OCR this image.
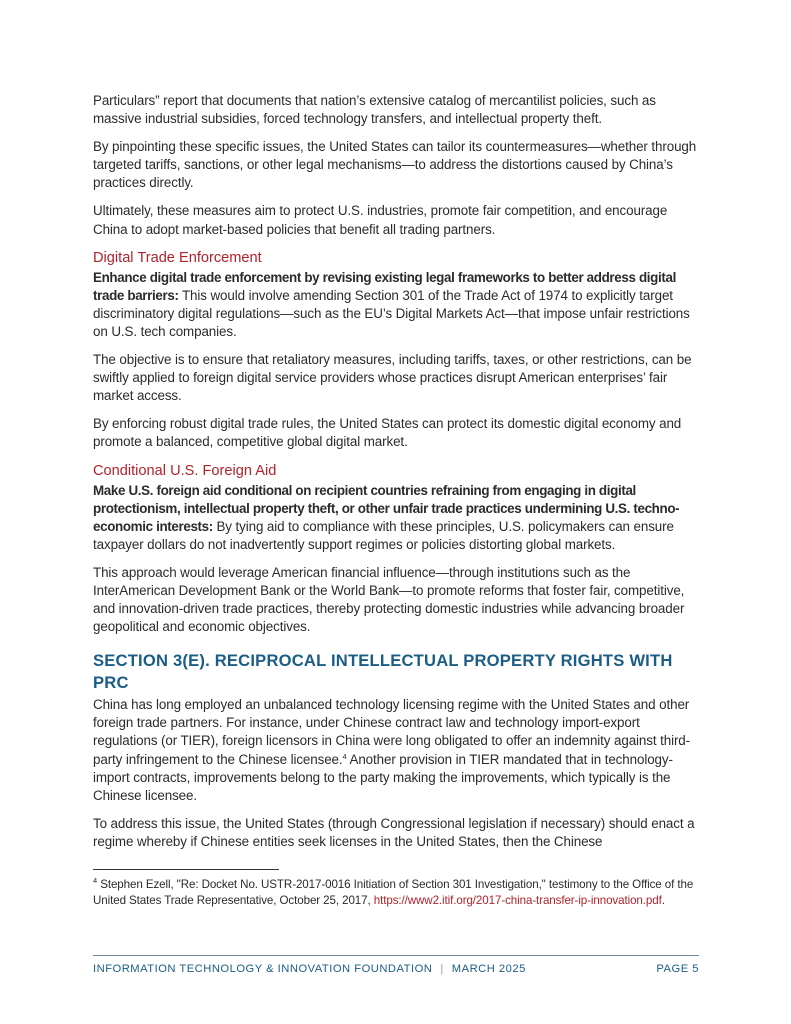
Particulars” report that documents that nation’s extensive catalog of mercantilist policies, such as massive industrial subsidies, forced technology transfers, and intellectual property theft.

By pinpointing these specific issues, the United States can tailor its countermeasures—whether through targeted tariffs, sanctions, or other legal mechanisms—to address the distortions caused by China’s practices directly.

Ultimately, these measures aim to protect U.S. industries, promote fair competition, and encourage China to adopt market-based policies that benefit all trading partners.

Digital Trade Enforcement

Enhance digital trade enforcement by revising existing legal frameworks to better address digital trade barriers: This would involve amending Section 301 of the Trade Act of 1974 to explicitly target discriminatory digital regulations—such as the EU’s Digital Markets Act—that impose unfair restrictions on U.S. tech companies.

The objective is to ensure that retaliatory measures, including tariffs, taxes, or other restrictions, can be swiftly applied to foreign digital service providers whose practices disrupt American enterprises’ fair market access.

By enforcing robust digital trade rules, the United States can protect its domestic digital economy and promote a balanced, competitive global digital market.

Conditional U.S. Foreign Aid

Make U.S. foreign aid conditional on recipient countries refraining from engaging in digital protectionism, intellectual property theft, or other unfair trade practices undermining U.S. techno-economic interests: By tying aid to compliance with these principles, U.S. policymakers can ensure taxpayer dollars do not inadvertently support regimes or policies distorting global markets.

This approach would leverage American financial influence—through institutions such as the InterAmerican Development Bank or the World Bank—to promote reforms that foster fair, competitive, and innovation-driven trade practices, thereby protecting domestic industries while advancing broader geopolitical and economic objectives.

SECTION 3(E). RECIPROCAL INTELLECTUAL PROPERTY RIGHTS WITH PRC

China has long employed an unbalanced technology licensing regime with the United States and other foreign trade partners. For instance, under Chinese contract law and technology import-export regulations (or TIER), foreign licensors in China were long obligated to offer an indemnity against third-party infringement to the Chinese licensee.$^4$ Another provision in TIER mandated that in technology-import contracts, improvements belong to the party making the improvements, which typically is the Chinese licensee.

To address this issue, the United States (through Congressional legislation if necessary) should enact a regime whereby if Chinese entities seek licenses in the United States, then the Chinese

$^4$ Stephen Ezell, "Re: Docket No. USTR-2017-0016 Initiation of Section 301 Investigation," testimony to the Office of the United States Trade Representative, October 25, 2017, https://www2.itif.org/2017-china-transfer-ip-innovation.pdf.

INFORMATION TECHNOLOGY & INNOVATION FOUNDATION | MARCH 2025	PAGE 5
